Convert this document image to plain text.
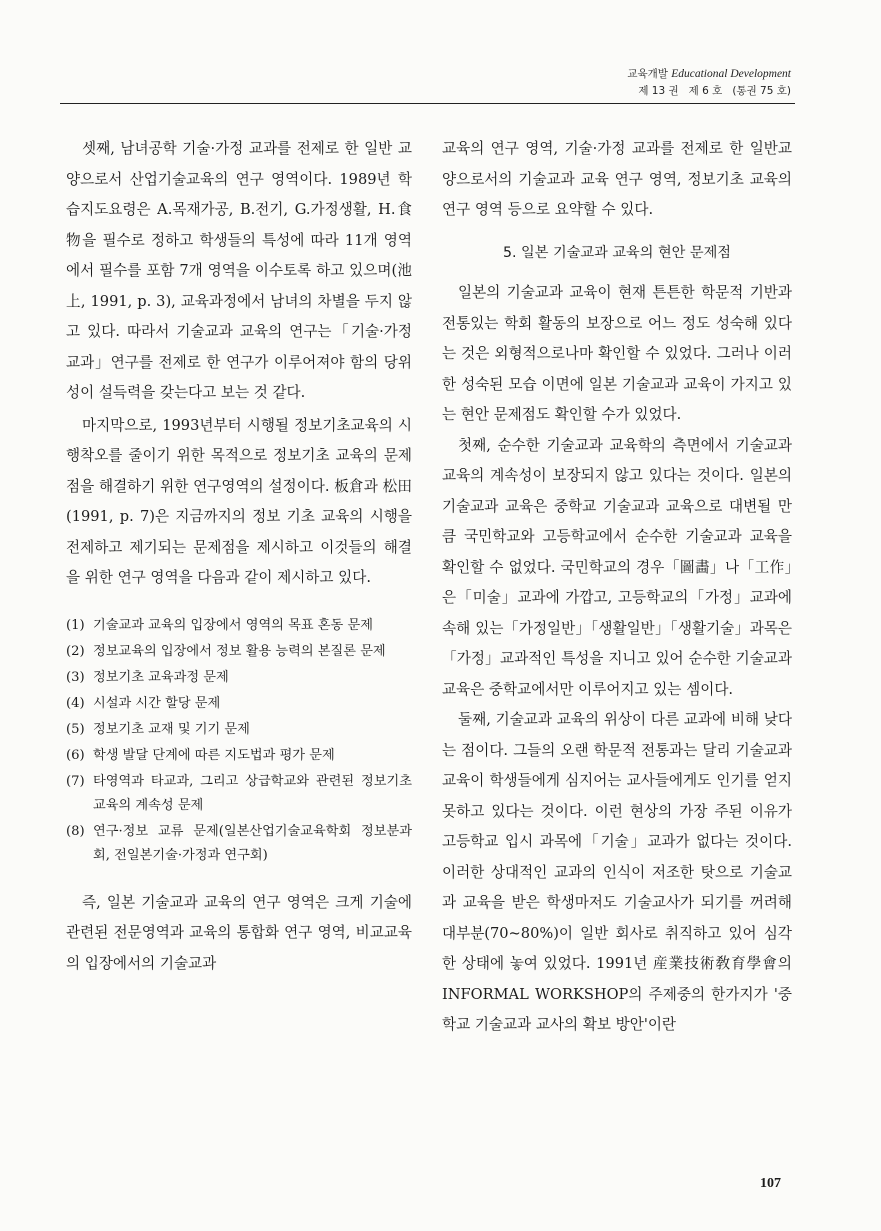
교육개발 Educational Development
제 13 권 제 6 호 (통권 75 호)

셋째, 남녀공학 기술·가정 교과를 전제로 한 일반 교양으로서 산업기술교육의 연구 영역이다. 1989년 학습지도요령은 A.목재가공, B.전기, G.가정생활, H.食物을 필수로 정하고 학생들의 특성에 따라 11개 영역에서 필수를 포함 7개 영역을 이수토록 하고 있으며(池上, 1991, p. 3), 교육과정에서 남녀의 차별을 두지 않고 있다. 따라서 기술교과 교육의 연구는「기술·가정 교과」연구를 전제로 한 연구가 이루어져야 함의 당위성이 설득력을 갖는다고 보는 것 같다.

마지막으로, 1993년부터 시행될 정보기초교육의 시행착오를 줄이기 위한 목적으로 정보기초 교육의 문제점을 해결하기 위한 연구영역의 설정이다. 板倉과 松田(1991, p. 7)은 지금까지의 정보 기초 교육의 시행을 전제하고 제기되는 문제점을 제시하고 이것들의 해결을 위한 연구 영역을 다음과 같이 제시하고 있다.

(1) 기술교과 교육의 입장에서 영역의 목표 혼동 문제
(2) 정보교육의 입장에서 정보 활용 능력의 본질론 문제
(3) 정보기초 교육과정 문제
(4) 시설과 시간 할당 문제
(5) 정보기초 교재 및 기기 문제
(6) 학생 발달 단계에 따른 지도법과 평가 문제
(7) 타영역과 타교과, 그리고 상급학교와 관련된 정보기초 교육의 계속성 문제
(8) 연구·정보 교류 문제(일본산업기술교육학회 정보분과회, 전일본기술·가정과 연구회)

즉, 일본 기술교과 교육의 연구 영역은 크게 기술에 관련된 전문영역과 교육의 통합화 연구 영역, 비교교육의 입장에서의 기술교과

교육의 연구 영역, 기술·가정 교과를 전제로 한 일반교양으로서의 기술교과 교육 연구 영역, 정보기초 교육의 연구 영역 등으로 요약할 수 있다.

5. 일본 기술교과 교육의 현안 문제점

일본의 기술교과 교육이 현재 튼튼한 학문적 기반과 전통있는 학회 활동의 보장으로 어느 정도 성숙해 있다는 것은 외형적으로나마 확인할 수 있었다. 그러나 이러한 성숙된 모습 이면에 일본 기술교과 교육이 가지고 있는 현안 문제점도 확인할 수가 있었다.

첫째, 순수한 기술교과 교육학의 측면에서 기술교과 교육의 계속성이 보장되지 않고 있다는 것이다. 일본의 기술교과 교육은 중학교 기술교과 교육으로 대변될 만큼 국민학교와 고등학교에서 순수한 기술교과 교육을 확인할 수 없었다. 국민학교의 경우「圖畵」나「工作」은「미술」교과에 가깝고, 고등학교의「가정」교과에 속해 있는「가정일반」「생활일반」「생활기술」과목은「가정」교과적인 특성을 지니고 있어 순수한 기술교과 교육은 중학교에서만 이루어지고 있는 셈이다.

둘째, 기술교과 교육의 위상이 다른 교과에 비해 낮다는 점이다. 그들의 오랜 학문적 전통과는 달리 기술교과 교육이 학생들에게 심지어는 교사들에게도 인기를 얻지 못하고 있다는 것이다. 이런 현상의 가장 주된 이유가 고등학교 입시 과목에「기술」교과가 없다는 것이다. 이러한 상대적인 교과의 인식이 저조한 탓으로 기술교과 교육을 받은 학생마저도 기술교사가 되기를 꺼려해 대부분(70~80%)이 일반 회사로 취직하고 있어 심각한 상태에 놓여 있었다. 1991년 産業技術敎育學會의 INFORMAL WORKSHOP의 주제중의 한가지가 '중학교 기술교과 교사의 확보 방안'이란

107
